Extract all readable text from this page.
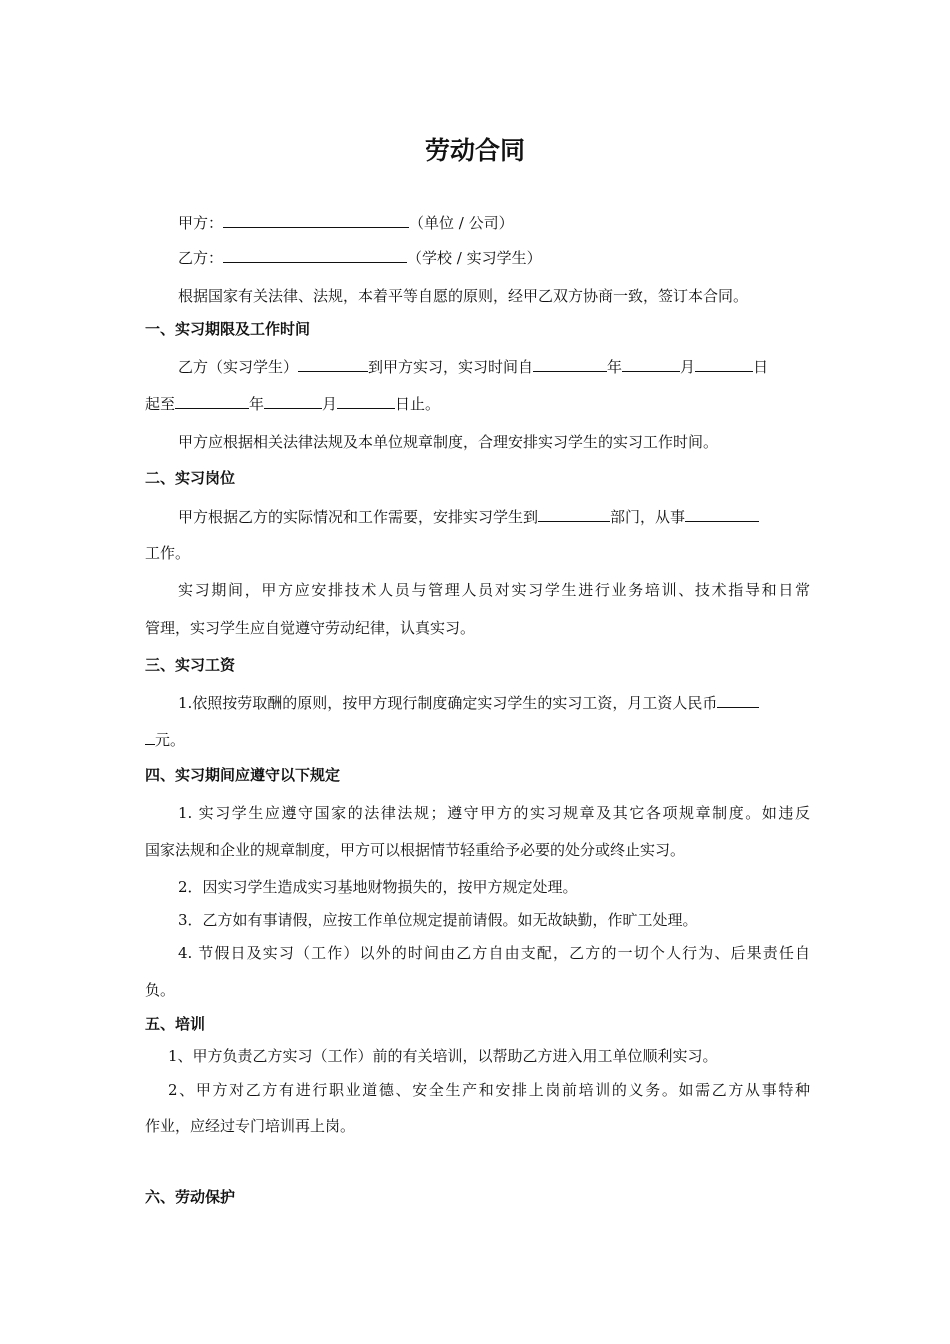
劳动合同
甲方：	（单位 / 公司）
乙方：	（学校 / 实习学生）
根据国家有关法律、法规，本着平等自愿的原则，经甲乙双方协商一致，签订本合同。
一、实习期限及工作时间
乙方（实习学生）	到甲方实习，实习时间自	年	月	日
起至	年	月	日止。
甲方应根据相关法律法规及本单位规章制度，合理安排实习学生的实习工作时间。
二、实习岗位
甲方根据乙方的实际情况和工作需要，安排实习学生到	部门，从事
工作。
实习期间，甲方应安排技术人员与管理人员对实习学生进行业务培训、技术指导和日常
管理，实习学生应自觉遵守劳动纪律，认真实习。
三、实习工资
1.依照按劳取酬的原则，按甲方现行制度确定实习学生的实习工资，月工资人民币
元。
四、实习期间应遵守以下规定
1. 实习学生应遵守国家的法律法规；遵守甲方的实习规章及其它各项规章制度。如违反
国家法规和企业的规章制度，甲方可以根据情节轻重给予必要的处分或终止实习。
2．因实习学生造成实习基地财物损失的，按甲方规定处理。
3．乙方如有事请假，应按工作单位规定提前请假。如无故缺勤，作旷工处理。
4. 节假日及实习（工作）以外的时间由乙方自由支配，乙方的一切个人行为、后果责任自
负。
五、培训
1、甲方负责乙方实习（工作）前的有关培训，以帮助乙方进入用工单位顺利实习。
2、甲方对乙方有进行职业道德、安全生产和安排上岗前培训的义务。如需乙方从事特种
作业，应经过专门培训再上岗。
六、劳动保护
